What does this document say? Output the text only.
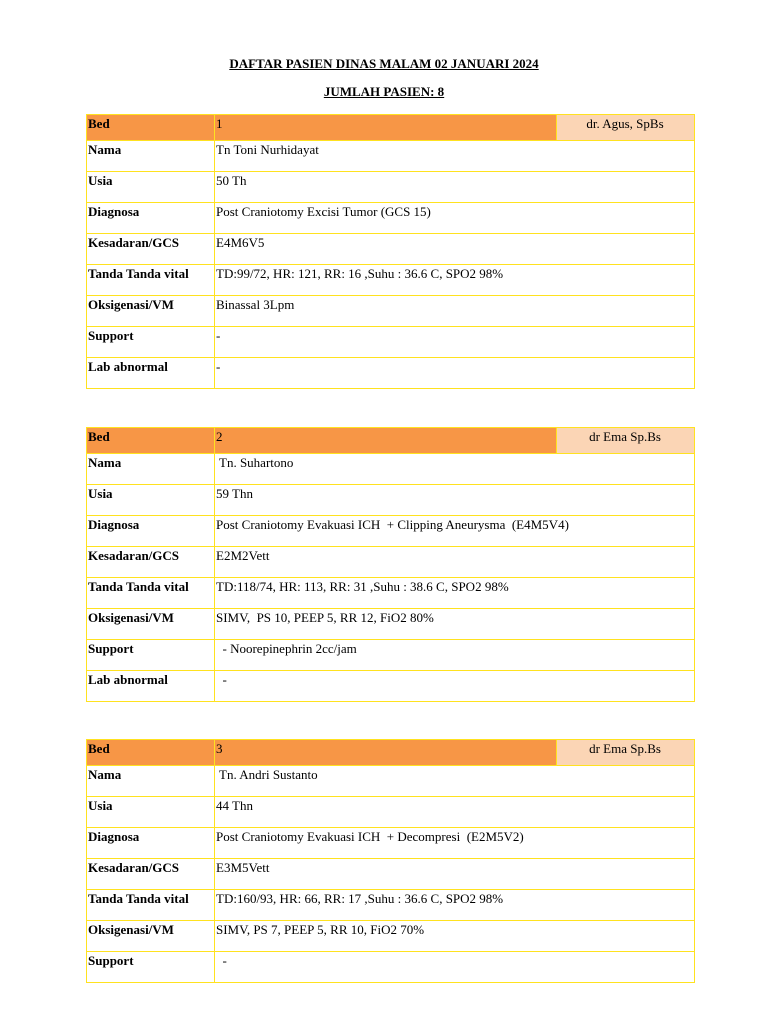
DAFTAR PASIEN DINAS MALAM 02 JANUARI 2024
JUMLAH PASIEN: 8
Bed	1	dr. Agus, SpBs
Nama	Tn Toni Nurhidayat	
Usia	50 Th	
Diagnosa	Post Craniotomy Excisi Tumor (GCS 15)	
Kesadaran/GCS	E4M6V5	
Tanda Tanda vital	TD:99/72, HR: 121, RR: 16 ,Suhu : 36.6 C, SPO2 98%	
Oksigenasi/VM	Binassal 3Lpm	
Support	-	
Lab abnormal	-	
Bed	2	dr Ema Sp.Bs
Nama	Tn. Suhartono	
Usia	59 Thn	
Diagnosa	Post Craniotomy Evakuasi ICH  + Clipping Aneurysma  (E4M5V4)	
Kesadaran/GCS	E2M2Vett	
Tanda Tanda vital	TD:118/74, HR: 113, RR: 31 ,Suhu : 38.6 C, SPO2 98%	
Oksigenasi/VM	SIMV,  PS 10, PEEP 5, RR 12, FiO2 80%	
Support	- Noorepinephrin 2cc/jam	
Lab abnormal	-	
Bed	3	dr Ema Sp.Bs
Nama	Tn. Andri Sustanto	
Usia	44 Thn	
Diagnosa	Post Craniotomy Evakuasi ICH  + Decompresi  (E2M5V2)	
Kesadaran/GCS	E3M5Vett	
Tanda Tanda vital	TD:160/93, HR: 66, RR: 17 ,Suhu : 36.6 C, SPO2 98%	
Oksigenasi/VM	SIMV, PS 7, PEEP 5, RR 10, FiO2 70%	
Support	-	
